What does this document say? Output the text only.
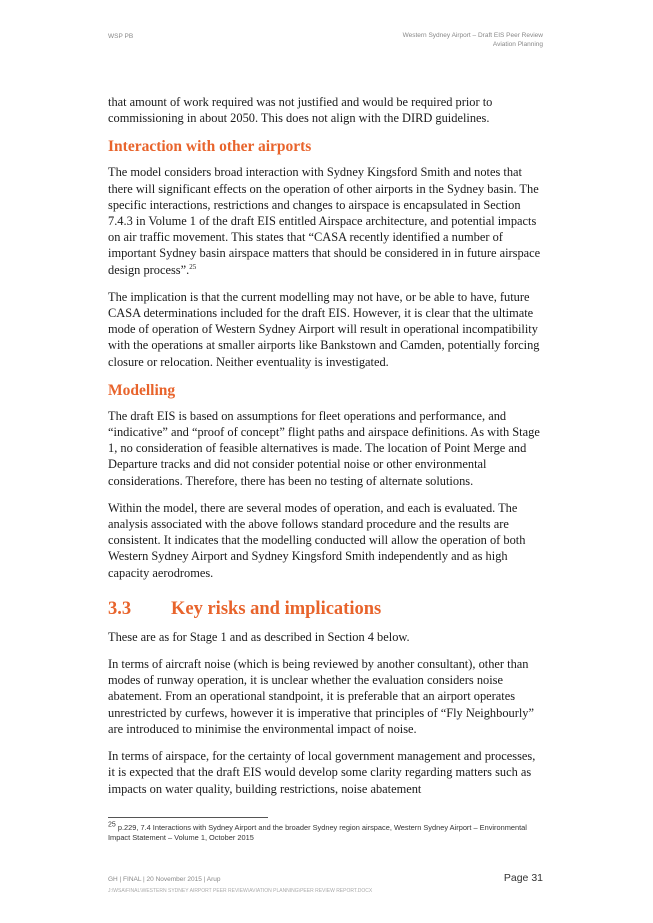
WSP PB	Western Sydney Airport – Draft EIS Peer Review
Aviation Planning

that amount of work required was not justified and would be required prior to commissioning in about 2050. This does not align with the DIRD guidelines.

Interaction with other airports

The model considers broad interaction with Sydney Kingsford Smith and notes that there will significant effects on the operation of other airports in the Sydney basin. The specific interactions, restrictions and changes to airspace is encapsulated in Section 7.4.3 in Volume 1 of the draft EIS entitled Airspace architecture, and potential impacts on air traffic movement. This states that “CASA recently identified a number of important Sydney basin airspace matters that should be considered in in future airspace design process”.$^{25}$

The implication is that the current modelling may not have, or be able to have, future CASA determinations included for the draft EIS. However, it is clear that the ultimate mode of operation of Western Sydney Airport will result in operational incompatibility with the operations at smaller airports like Bankstown and Camden, potentially forcing closure or relocation. Neither eventuality is investigated.

Modelling

The draft EIS is based on assumptions for fleet operations and performance, and “indicative” and “proof of concept” flight paths and airspace definitions. As with Stage 1, no consideration of feasible alternatives is made. The location of Point Merge and Departure tracks and did not consider potential noise or other environmental considerations. Therefore, there has been no testing of alternate solutions.

Within the model, there are several modes of operation, and each is evaluated. The analysis associated with the above follows standard procedure and the results are consistent. It indicates that the modelling conducted will allow the operation of both Western Sydney Airport and Sydney Kingsford Smith independently and as high capacity aerodromes.

3.3 Key risks and implications

These are as for Stage 1 and as described in Section 4 below.

In terms of aircraft noise (which is being reviewed by another consultant), other than modes of runway operation, it is unclear whether the evaluation considers noise abatement. From an operational standpoint, it is preferable that an airport operates unrestricted by curfews, however it is imperative that principles of “Fly Neighbourly” are introduced to minimise the environmental impact of noise.

In terms of airspace, for the certainty of local government management and processes, it is expected that the draft EIS would develop some clarity regarding matters such as impacts on water quality, building restrictions, noise abatement

$^{25}$ p.229, 7.4 Interactions with Sydney Airport and the broader Sydney region airspace, Western Sydney Airport – Environmental Impact Statement – Volume 1, October 2015
GH | FINAL | 20 November 2015 | Arup
J:\WSA\FINAL\WESTERN SYDNEY AIRPORT PEER REVIEW\AVIATION PLANNING\PEER REVIEW REPORT.DOCX
Page 31
